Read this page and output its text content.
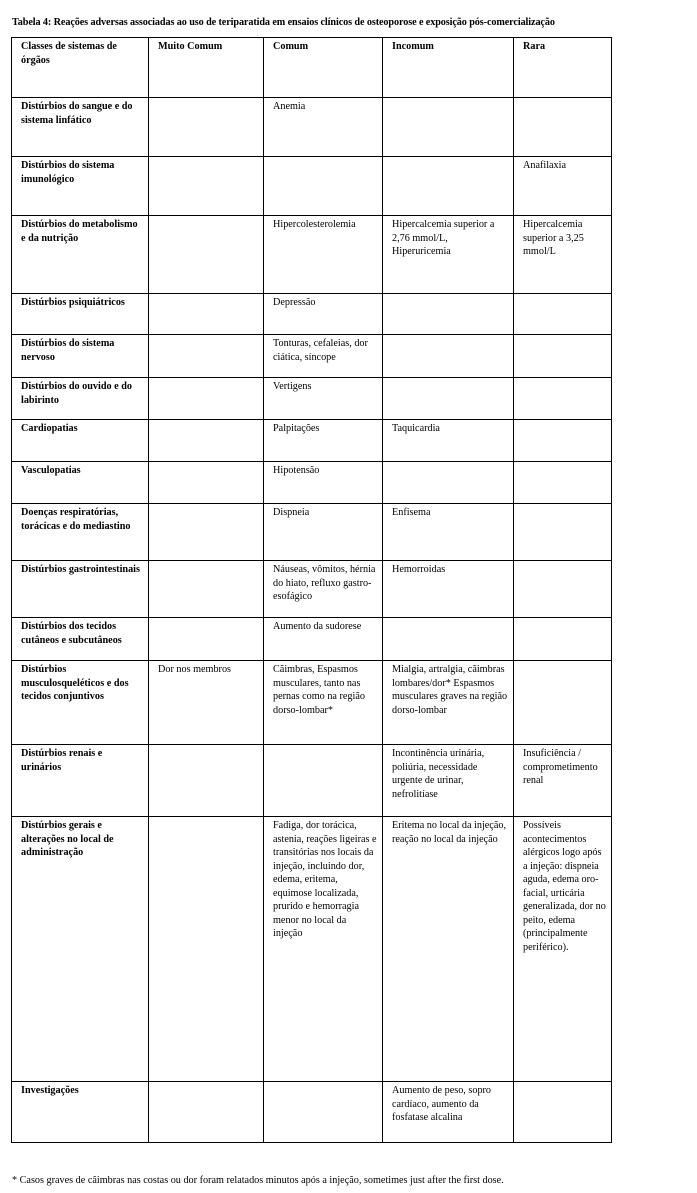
Tabela 4: Reações adversas associadas ao uso de teriparatida em ensaios clínicos de osteoporose e exposição pós-comercialização
Classes de sistemas de órgãos	Muito Comum	Comum	Incomum	Rara
Distúrbios do sangue e do sistema linfático		Anemia		
Distúrbios do sistema imunológico				Anafilaxia
Distúrbios do metabolismo e da nutrição		Hipercolesterolemia	Hipercalcemia superior a 2,76 mmol/L, Hiperuricemia	Hipercalcemia superior a 3,25 mmol/L
Distúrbios psiquiátricos		Depressão		
Distúrbios do sistema nervoso		Tonturas, cefaleias, dor ciática, síncope		
Distúrbios do ouvido e do labirinto		Vertigens		
Cardiopatias		Palpitações	Taquicardia	
Vasculopatias		Hipotensão		
Doenças respiratórias, torácicas e do mediastino		Dispneia	Enfisema	
Distúrbios gastrointestinais		Náuseas, vômitos, hérnia do hiato, refluxo gastro-esofágico	Hemorroidas	
Distúrbios dos tecidos cutâneos e subcutâneos		Aumento da sudorese		
Distúrbios musculosqueléticos e dos tecidos conjuntivos	Dor nos membros	Cãimbras, Espasmos musculares, tanto nas pernas como na região dorso-lombar*	Mialgia, artralgia, cãimbras lombares/dor* Espasmos musculares graves na região dorso-lombar	
Distúrbios renais e urinários			Incontinência urinária, poliúria, necessidade urgente de urinar, nefrolitíase	Insuficiência / comprometimento renal
Distúrbios gerais e alterações no local de administração		Fadiga, dor torácica, astenia, reações ligeiras e transitórias nos locais da injeção, incluindo dor, edema, eritema, equimose localizada, prurido e hemorragia menor no local da injeção	Eritema no local da injeção, reação no local da injeção	Possíveis acontecimentos alérgicos logo após a injeção: dispneia aguda, edema oro-facial, urticária generalizada, dor no peito, edema (principalmente periférico).
Investigações			Aumento de peso, sopro cardíaco, aumento da fosfatase alcalina	
* Casos graves de câimbras nas costas ou dor foram relatados minutos após a injeção, sometimes just after the first dose.
